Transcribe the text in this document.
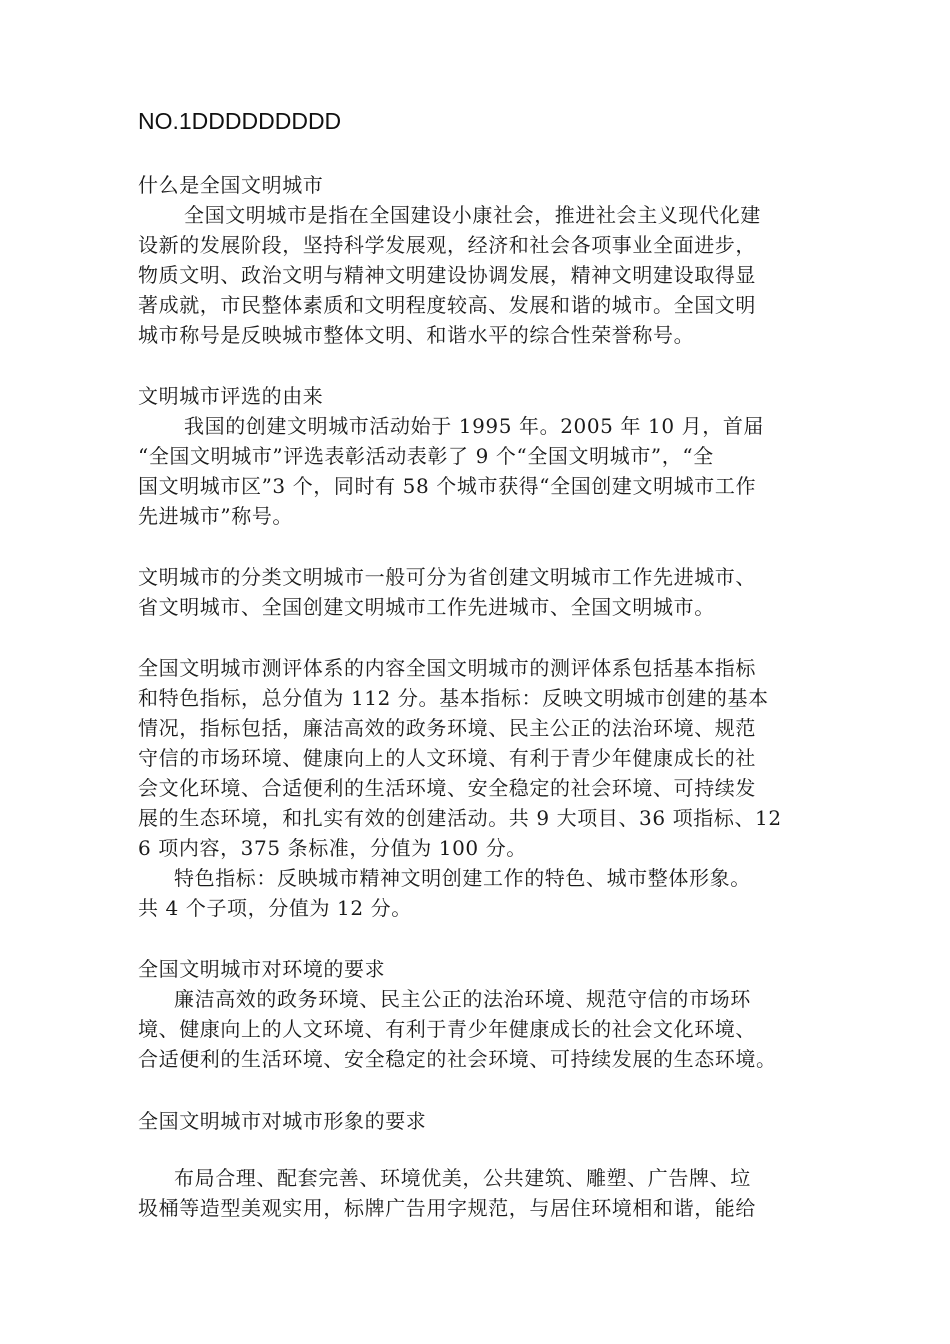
NO.1DDDDDDDDD
什么是全国文明城市
全国文明城市是指在全国建设小康社会，推进社会主义现代化建
设新的发展阶段，坚持科学发展观，经济和社会各项事业全面进步，
物质文明、政治文明与精神文明建设协调发展，精神文明建设取得显
著成就，市民整体素质和文明程度较高、发展和谐的城市。全国文明
城市称号是反映城市整体文明、和谐水平的综合性荣誉称号。
文明城市评选的由来
我国的创建文明城市活动始于 1995 年。2005 年 10 月，首届
“全国文明城市”评选表彰活动表彰了 9 个“全国文明城市”，“全
国文明城市区”3 个，同时有 58 个城市获得“全国创建文明城市工作
先进城市”称号。
文明城市的分类文明城市一般可分为省创建文明城市工作先进城市、
省文明城市、全国创建文明城市工作先进城市、全国文明城市。
全国文明城市测评体系的内容全国文明城市的测评体系包括基本指标
和特色指标，总分值为 112 分。基本指标：反映文明城市创建的基本
情况，指标包括，廉洁高效的政务环境、民主公正的法治环境、规范
守信的市场环境、健康向上的人文环境、有利于青少年健康成长的社
会文化环境、合适便利的生活环境、安全稳定的社会环境、可持续发
展的生态环境，和扎实有效的创建活动。共 9 大项目、36 项指标、12
6 项内容，375 条标准，分值为 100 分。
特色指标：反映城市精神文明创建工作的特色、城市整体形象。
共 4 个子项，分值为 12 分。
全国文明城市对环境的要求
廉洁高效的政务环境、民主公正的法治环境、规范守信的市场环
境、健康向上的人文环境、有利于青少年健康成长的社会文化环境、
合适便利的生活环境、安全稳定的社会环境、可持续发展的生态环境。
全国文明城市对城市形象的要求
布局合理、配套完善、环境优美，公共建筑、雕塑、广告牌、垃
圾桶等造型美观实用，标牌广告用字规范，与居住环境相和谐，能给
